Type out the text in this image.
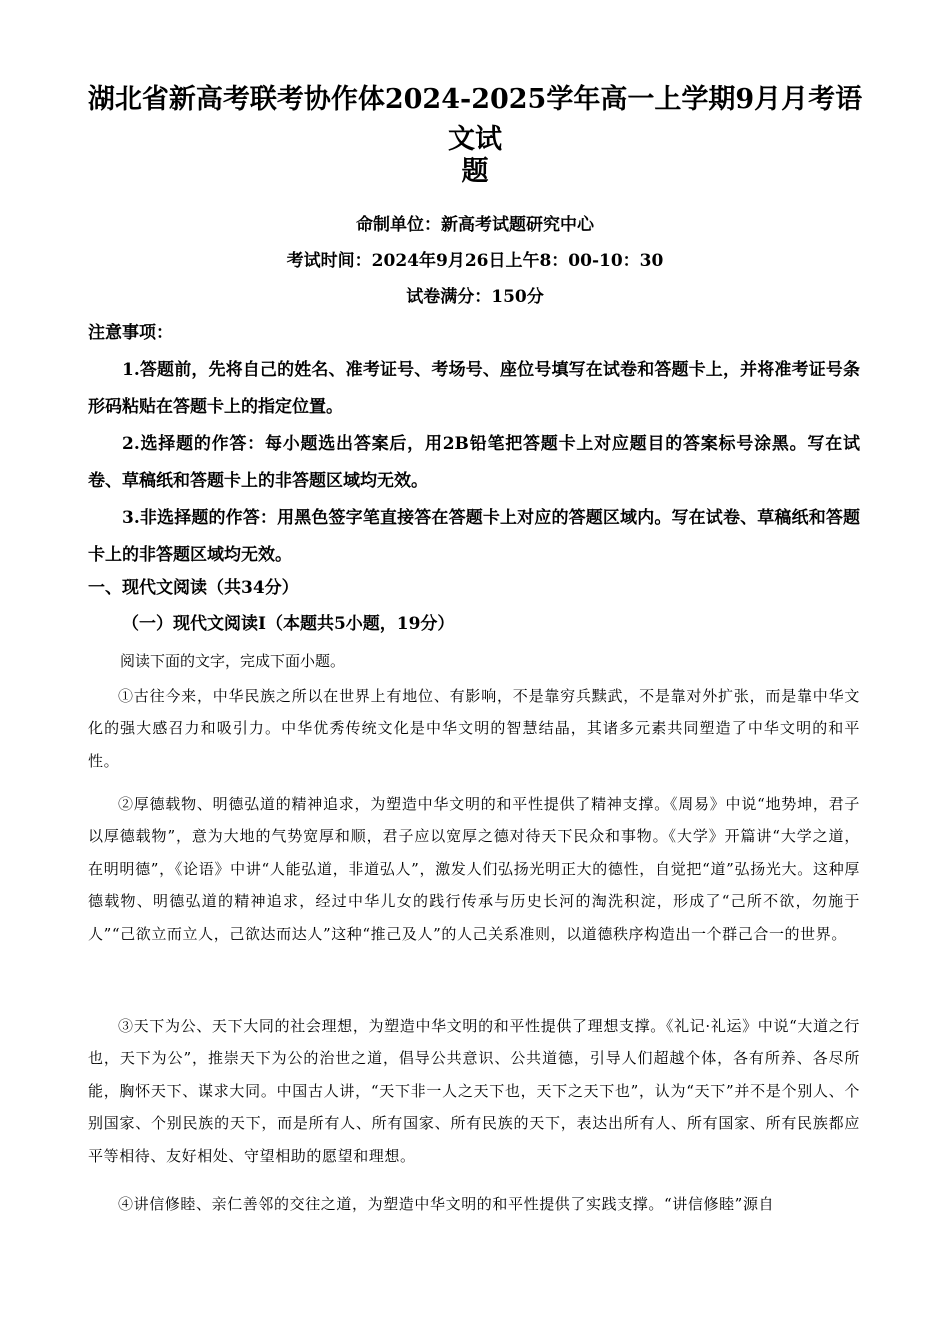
湖北省新高考联考协作体2024-2025学年高一上学期9月月考语文试
题

命制单位：新高考试题研究中心

考试时间：2024年9月26日上午8：00-10：30

试卷满分：150分

注意事项：

1.答题前，先将自己的姓名、准考证号、考场号、座位号填写在试卷和答题卡上，并将准考证号条形码粘贴在答题卡上的指定位置。

2.选择题的作答：每小题选出答案后，用2B铅笔把答题卡上对应题目的答案标号涂黑。写在试卷、草稿纸和答题卡上的非答题区域均无效。

3.非选择题的作答：用黑色签字笔直接答在答题卡上对应的答题区域内。写在试卷、草稿纸和答题卡上的非答题区域均无效。

一、现代文阅读（共34分）

（一）现代文阅读Ⅰ（本题共5小题，19分）

阅读下面的文字，完成下面小题。

①古往今来，中华民族之所以在世界上有地位、有影响，不是靠穷兵黩武，不是靠对外扩张，而是靠中华文化的强大感召力和吸引力。中华优秀传统文化是中华文明的智慧结晶，其诸多元素共同塑造了中华文明的和平性。

②厚德载物、明德弘道的精神追求，为塑造中华文明的和平性提供了精神支撑。《周易》中说“地势坤，君子以厚德载物”，意为大地的气势宽厚和顺，君子应以宽厚之德对待天下民众和事物。《大学》开篇讲“大学之道，在明明德”，《论语》中讲“人能弘道，非道弘人”，激发人们弘扬光明正大的德性，自觉把“道”弘扬光大。这种厚德载物、明德弘道的精神追求，经过中华儿女的践行传承与历史长河的淘洗积淀，形成了“己所不欲，勿施于人”“己欲立而立人，己欲达而达人”这种“推己及人”的人己关系准则，以道德秩序构造出一个群己合一的世界。

③天下为公、天下大同的社会理想，为塑造中华文明的和平性提供了理想支撑。《礼记·礼运》中说“大道之行也，天下为公”，推崇天下为公的治世之道，倡导公共意识、公共道德，引导人们超越个体，各有所养、各尽所能，胸怀天下、谋求大同。中国古人讲，“天下非一人之天下也，天下之天下也”，认为“天下”并不是个别人、个别国家、个别民族的天下，而是所有人、所有国家、所有民族的天下，表达出所有人、所有国家、所有民族都应平等相待、友好相处、守望相助的愿望和理想。

④讲信修睦、亲仁善邻的交往之道，为塑造中华文明的和平性提供了实践支撑。“讲信修睦”源自
